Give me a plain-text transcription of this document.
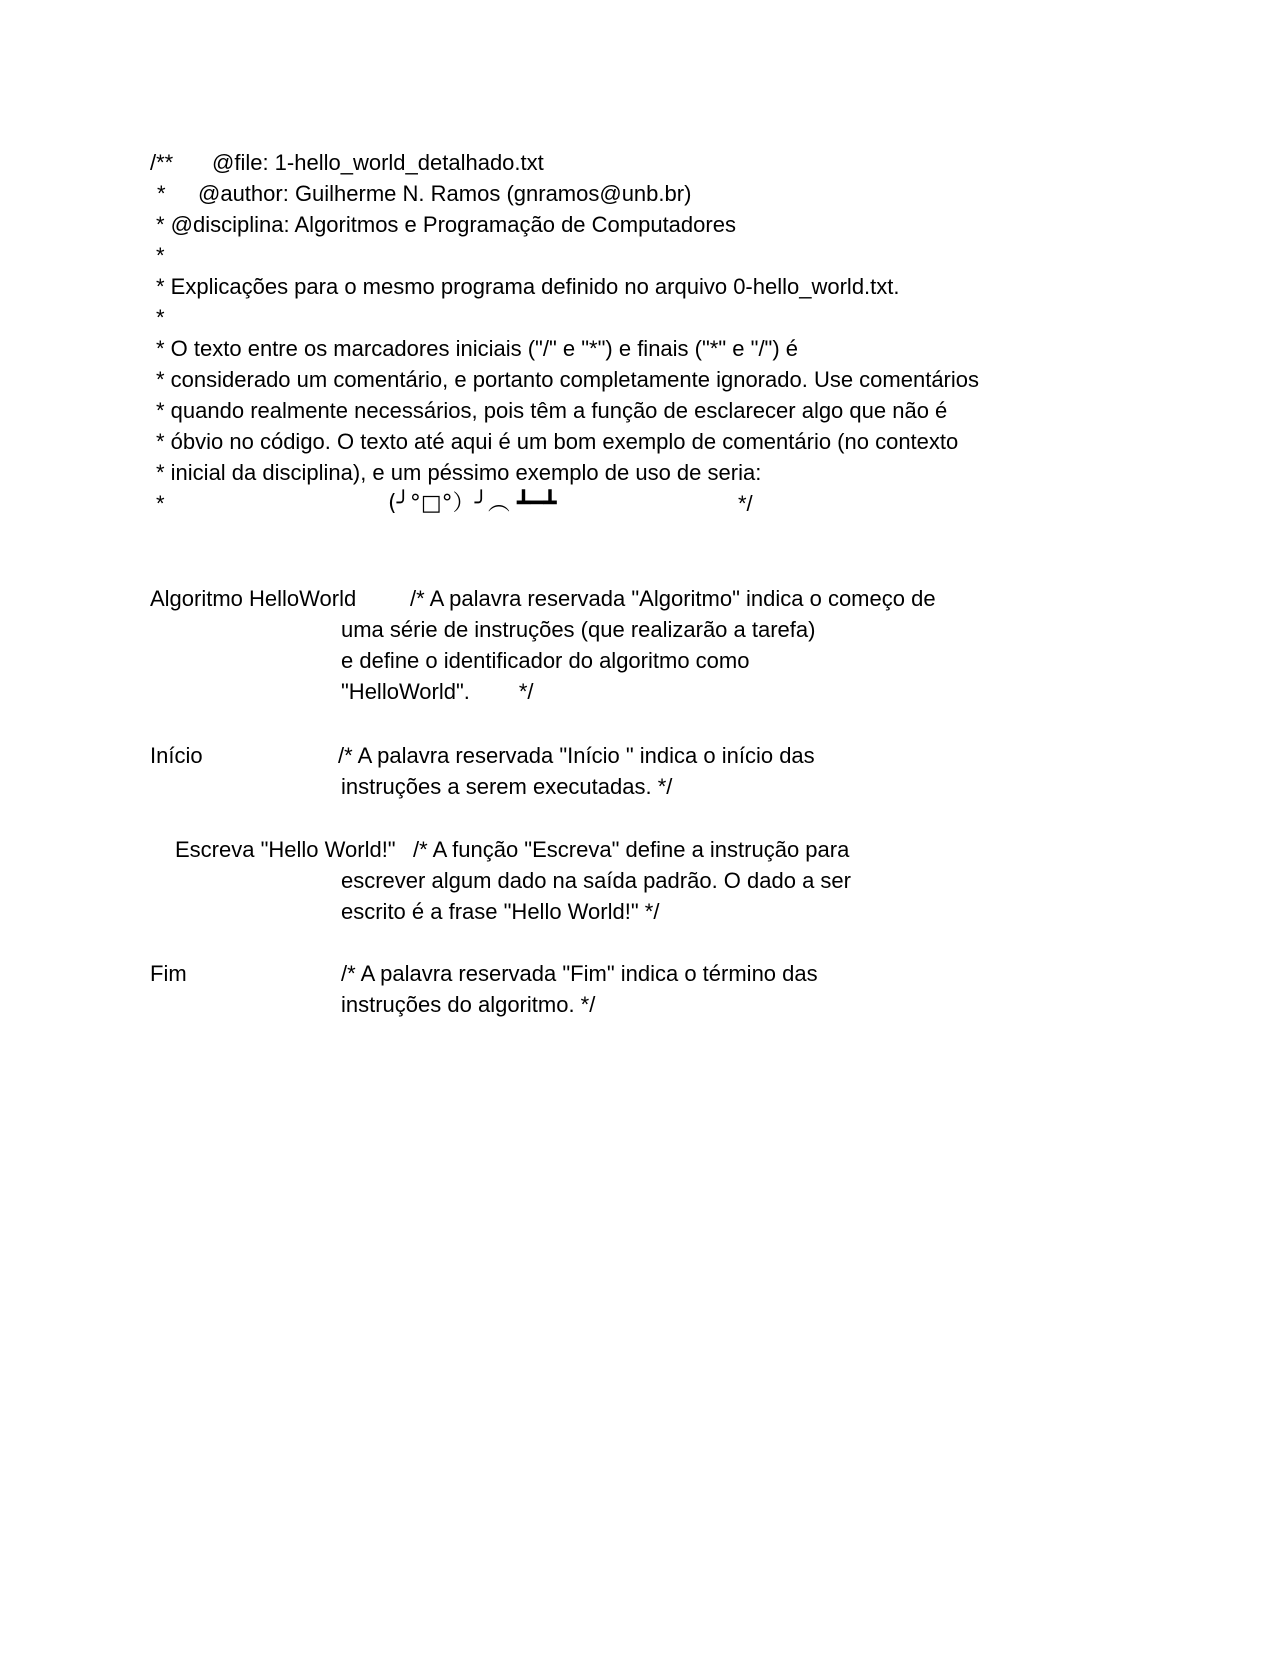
/** @file: 1-hello_world_detalhado.txt
* @author: Guilherme N. Ramos (gnramos@unb.br)
* @disciplina: Algoritmos e Programação de Computadores
*
* Explicações para o mesmo programa definido no arquivo 0-hello_world.txt.
*
* O texto entre os marcadores iniciais ("/" e "*") e finais ("*" e "/") é
* considerado um comentário, e portanto completamente ignorado. Use comentários
* quando realmente necessários, pois têm a função de esclarecer algo que não é
* óbvio no código. O texto até aqui é um bom exemplo de comentário (no contexto
* inicial da disciplina), e um péssimo exemplo de uso de seria:
*	(╯°□°）╯︵ ┻━┻	*/
Algoritmo HelloWorld /* A palavra reservada "Algoritmo" indica o começo de
uma série de instruções (que realizarão a tarefa)
e define o identificador do algoritmo como
"HelloWorld".        */
Início	/* A palavra reservada "Início " indica o início das
instruções a serem executadas. */
Escreva "Hello World!" /* A função "Escreva" define a instrução para
escrever algum dado na saída padrão. O dado a ser
escrito é a frase "Hello World!" */
Fim	/* A palavra reservada "Fim" indica o término das
instruções do algoritmo. */
